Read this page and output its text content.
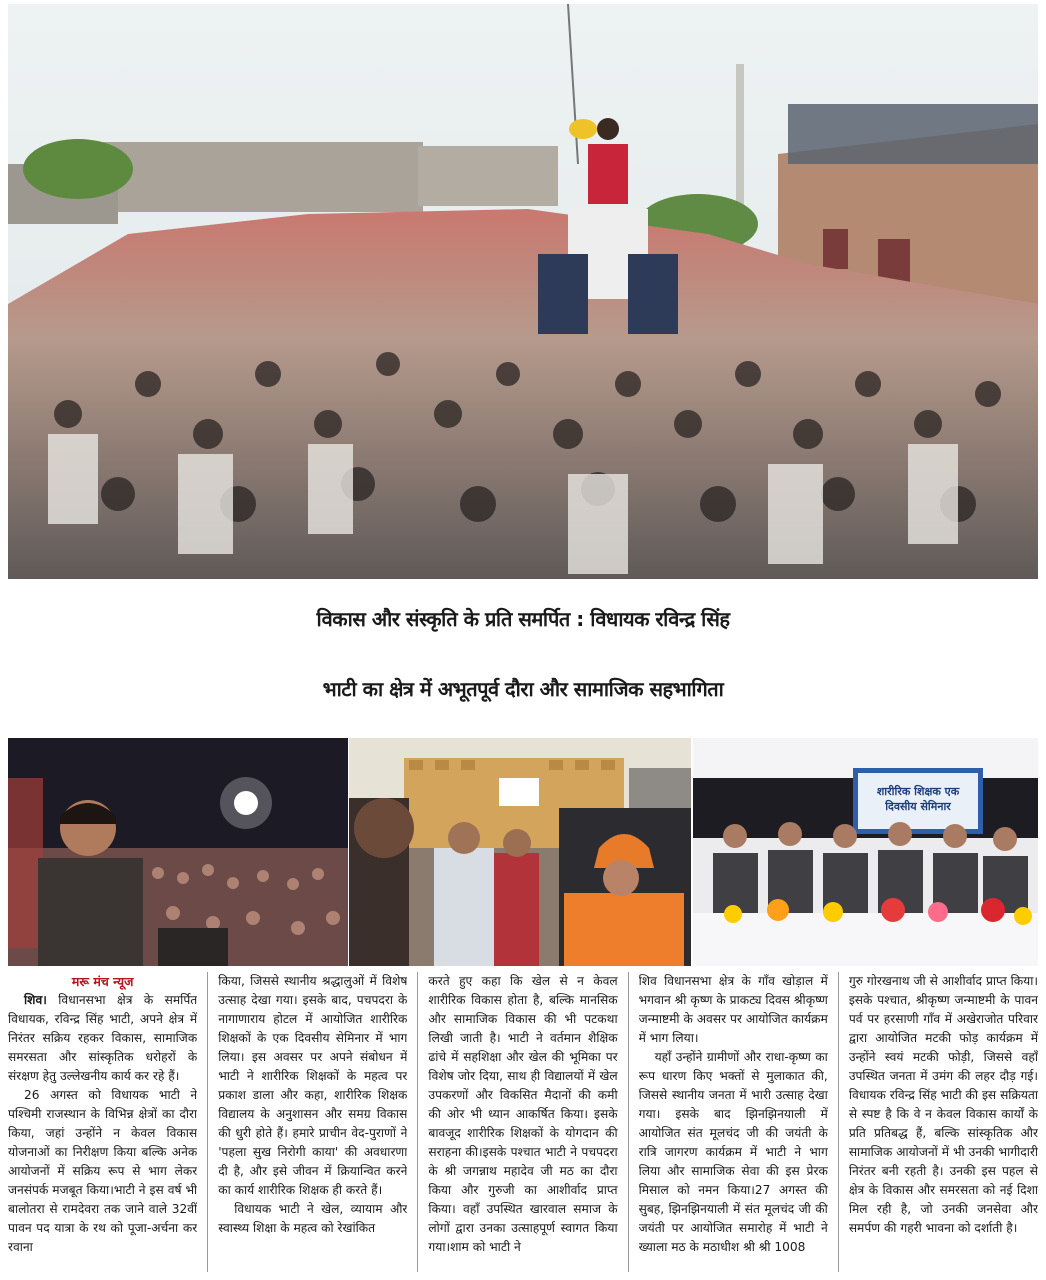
विकास और संस्कृति के प्रति समर्पित : विधायक रविन्द्र सिंह
भाटी का क्षेत्र में अभूतपूर्व दौरा और सामाजिक सहभागिता
शारीरिक शिक्षक एक
दिवसीय सेमिनार
मरू मंच न्यूज

शिव। विधानसभा क्षेत्र के समर्पित विधायक, रविन्द्र सिंह भाटी, अपने क्षेत्र में निरंतर सक्रिय रहकर विकास, सामाजिक समरसता और सांस्कृतिक धरोहरों के संरक्षण हेतु उल्लेखनीय कार्य कर रहे हैं।

26 अगस्त को विधायक भाटी ने पश्चिमी राजस्थान के विभिन्न क्षेत्रों का दौरा किया, जहां उन्होंने न केवल विकास योजनाओं का निरीक्षण किया बल्कि अनेक आयोजनों में सक्रिय रूप से भाग लेकर जनसंपर्क मजबूत किया।भाटी ने इस वर्ष भी बालोतरा से रामदेवरा तक जाने वाले 32वीं पावन पद यात्रा के रथ को पूजा-अर्चना कर रवाना

किया, जिससे स्थानीय श्रद्धालुओं में विशेष उत्साह देखा गया। इसके बाद, पचपदरा के नागाणाराय होटल में आयोजित शारीरिक शिक्षकों के एक दिवसीय सेमिनार में भाग लिया। इस अवसर पर अपने संबोधन में भाटी ने शारीरिक शिक्षकों के महत्व पर प्रकाश डाला और कहा, शारीरिक शिक्षक विद्यालय के अनुशासन और समग्र विकास की धुरी होते हैं। हमारे प्राचीन वेद-पुराणों ने 'पहला सुख निरोगी काया' की अवधारणा दी है, और इसे जीवन में क्रियान्वित करने का कार्य शारीरिक शिक्षक ही करते हैं।

विधायक भाटी ने खेल, व्यायाम और स्वास्थ्य शिक्षा के महत्व को रेखांकित

करते हुए कहा कि खेल से न केवल शारीरिक विकास होता है, बल्कि मानसिक और सामाजिक विकास की भी पटकथा लिखी जाती है। भाटी ने वर्तमान शैक्षिक ढांचे में सहशिक्षा और खेल की भूमिका पर विशेष जोर दिया, साथ ही विद्यालयों में खेल उपकरणों और विकसित मैदानों की कमी की ओर भी ध्यान आकर्षित किया। इसके बावजूद शारीरिक शिक्षकों के योगदान की सराहना की।इसके पश्चात भाटी ने पचपदरा के श्री जगन्नाथ महादेव जी मठ का दौरा किया और गुरुजी का आशीर्वाद प्राप्त किया। वहाँ उपस्थित खारवाल समाज के लोगों द्वारा उनका उत्साहपूर्ण स्वागत किया गया।शाम को भाटी ने

शिव विधानसभा क्षेत्र के गाँव खोड़ाल में भगवान श्री कृष्ण के प्राकट्य दिवस श्रीकृष्ण जन्माष्टमी के अवसर पर आयोजित कार्यक्रम में भाग लिया।

यहाँ उन्होंने ग्रामीणों और राधा-कृष्ण का रूप धारण किए भक्तों से मुलाकात की, जिससे स्थानीय जनता में भारी उत्साह देखा गया। इसके बाद झिनझिनयाली में आयोजित संत मूलचंद जी की जयंती के रात्रि जागरण कार्यक्रम में भाटी ने भाग लिया और सामाजिक सेवा की इस प्रेरक मिसाल को नमन किया।27 अगस्त की सुबह, झिनझिनयाली में संत मूलचंद जी की जयंती पर आयोजित समारोह में भाटी ने ख्याला मठ के मठाधीश श्री श्री 1008

गुरु गोरखनाथ जी से आशीर्वाद प्राप्त किया। इसके पश्चात, श्रीकृष्ण जन्माष्टमी के पावन पर्व पर हरसाणी गाँव में अखेराजोत परिवार द्वारा आयोजित मटकी फोड़ कार्यक्रम में उन्होंने स्वयं मटकी फोड़ी, जिससे वहाँ उपस्थित जनता में उमंग की लहर दौड़ गई।विधायक रविन्द्र सिंह भाटी की इस सक्रियता से स्पष्ट है कि वे न केवल विकास कार्यों के प्रति प्रतिबद्ध हैं, बल्कि सांस्कृतिक और सामाजिक आयोजनों में भी उनकी भागीदारी निरंतर बनी रहती है। उनकी इस पहल से क्षेत्र के विकास और समरसता को नई दिशा मिल रही है, जो उनकी जनसेवा और समर्पण की गहरी भावना को दर्शाती है।
